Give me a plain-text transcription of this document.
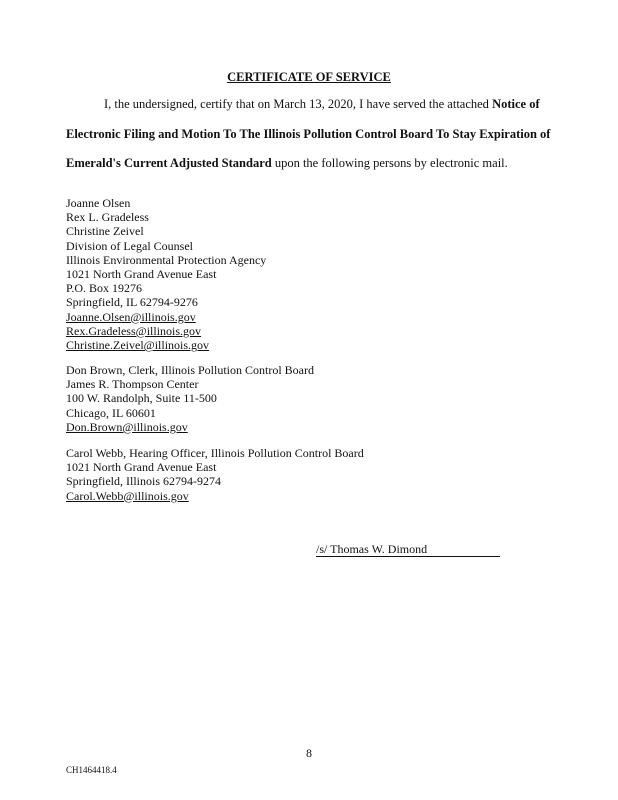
CERTIFICATE OF SERVICE
I, the undersigned, certify that on March 13, 2020, I have served the attached Notice of
Electronic Filing and Motion To The Illinois Pollution Control Board To Stay Expiration of
Emerald's Current Adjusted Standard upon the following persons by electronic mail.
Joanne Olsen
Rex L. Gradeless
Christine Zeivel
Division of Legal Counsel
Illinois Environmental Protection Agency
1021 North Grand Avenue East
P.O. Box 19276
Springfield, IL 62794-9276
Joanne.Olsen@illinois.gov
Rex.Gradeless@illinois.gov
Christine.Zeivel@illinois.gov
Don Brown, Clerk, Illinois Pollution Control Board
James R. Thompson Center
100 W. Randolph, Suite 11-500
Chicago, IL 60601
Don.Brown@illinois.gov
Carol Webb, Hearing Officer, Illinois Pollution Control Board
1021 North Grand Avenue East
Springfield, Illinois 62794-9274
Carol.Webb@illinois.gov
/s/ Thomas W. Dimond
8
CH1464418.4
